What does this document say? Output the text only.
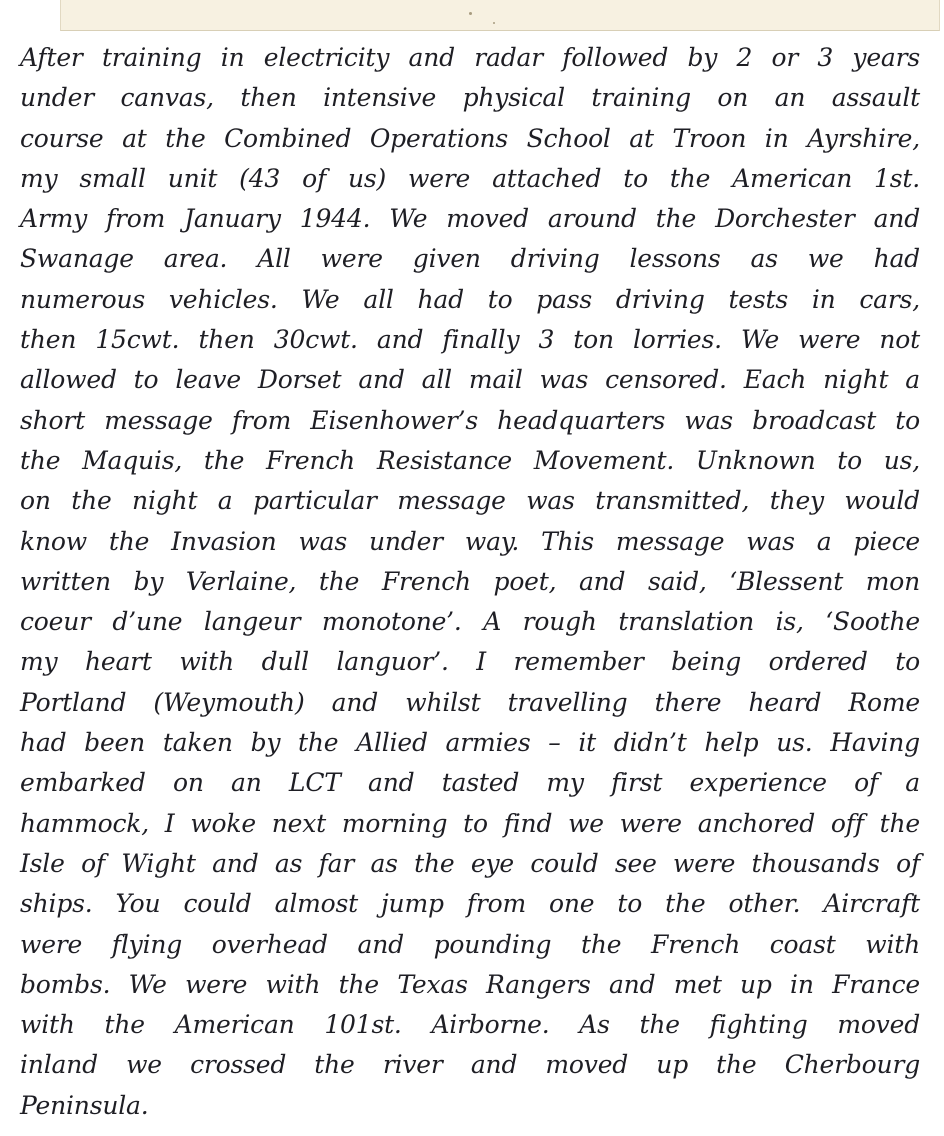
After training in electricity and radar followed by 2 or 3 years
under canvas, then intensive physical training on an assault
course at the Combined Operations School at Troon in Ayrshire,
my small unit (43 of us) were attached to the American 1st.
Army from January 1944. We moved around the Dorchester and
Swanage area. All were given driving lessons as we had
numerous vehicles. We all had to pass driving tests in cars,
then 15cwt. then 30cwt. and finally 3 ton lorries. We were not
allowed to leave Dorset and all mail was censored. Each night a
short message from Eisenhower’s headquarters was broadcast to
the Maquis, the French Resistance Movement. Unknown to us,
on the night a particular message was transmitted, they would
know the Invasion was under way. This message was a piece
written by Verlaine, the French poet, and said, ‘Blessent mon
coeur d’une langeur monotone’. A rough translation is, ‘Soothe
my heart with dull languor’. I remember being ordered to
Portland (Weymouth) and whilst travelling there heard Rome
had been taken by the Allied armies – it didn’t help us. Having
embarked on an LCT and tasted my first experience of a
hammock, I woke next morning to find we were anchored off the
Isle of Wight and as far as the eye could see were thousands of
ships. You could almost jump from one to the other. Aircraft
were flying overhead and pounding the French coast with
bombs. We were with the Texas Rangers and met up in France
with the American 101st. Airborne. As the fighting moved
inland we crossed the river and moved up the Cherbourg
Peninsula.
